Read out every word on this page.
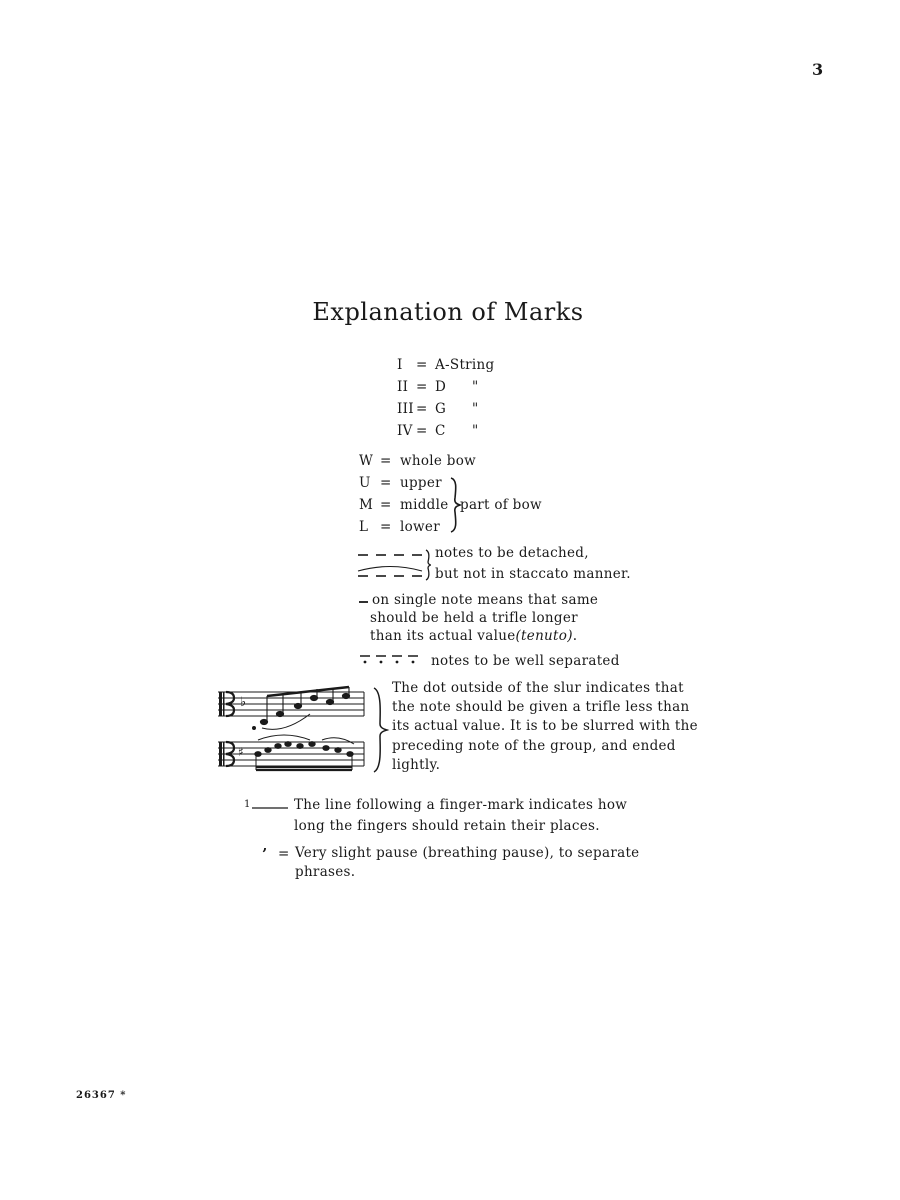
3
Explanation of Marks
I = A-String
II = D "
III = G "
IV = C "
W = whole bow
U = upper
M = middle
L = lower
part of bow
notes to be detached,
but not in staccato manner.
on single note means that same
should be held a trifle longer
than its actual value(tenuto).
notes to be well separated
♭
♯
The dot outside of the slur indicates that
the note should be given a trifle less than
its actual value. It is to be slurred with the
preceding note of the group, and ended
lightly.
1	The line following a finger-mark indicates how
long the fingers should retain their places.
’ = Very slight pause (breathing pause), to separate
phrases.
26367 *
